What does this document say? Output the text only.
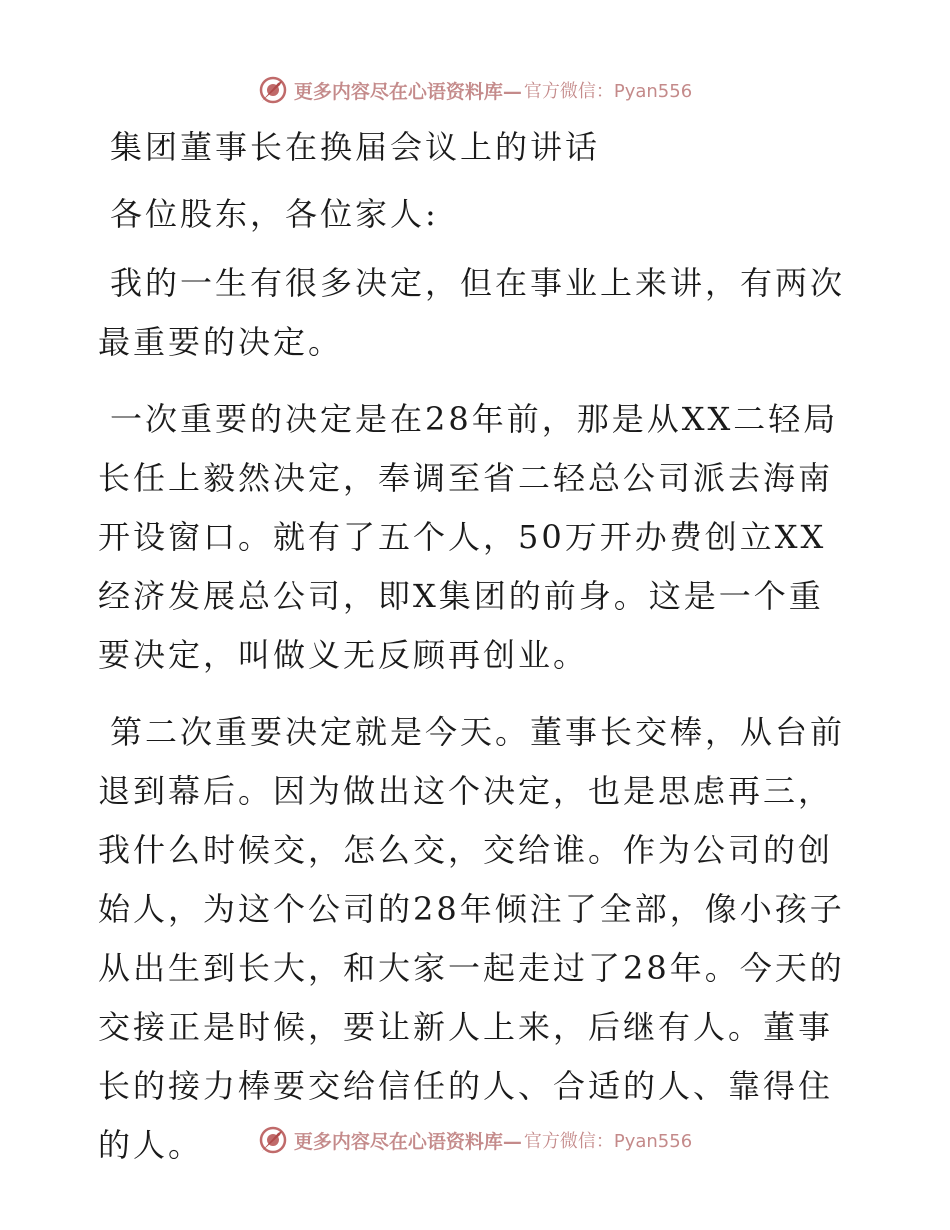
更多内容尽在心语资料库— 官方微信：Pyan556

集团董事长在换届会议上的讲话

各位股东，各位家人:

我的一生有很多决定，但在事业上来讲，有两次最重要的决定。

一次重要的决定是在28年前，那是从XX二轻局长任上毅然决定，奉调至省二轻总公司派去海南开设窗口。就有了五个人，50万开办费创立XX经济发展总公司，即X集团的前身。这是一个重要决定，叫做义无反顾再创业。

第二次重要决定就是今天。董事长交棒，从台前退到幕后。因为做出这个决定，也是思虑再三，我什么时候交，怎么交，交给谁。作为公司的创始人，为这个公司的28年倾注了全部，像小孩子从出生到长大，和大家一起走过了28年。今天的交接正是时候，要让新人上来，后继有人。董事长的接力棒要交给信任的人、合适的人、靠得住的人。	更多内容尽在心语资料库— 官方微信：Pyan556
